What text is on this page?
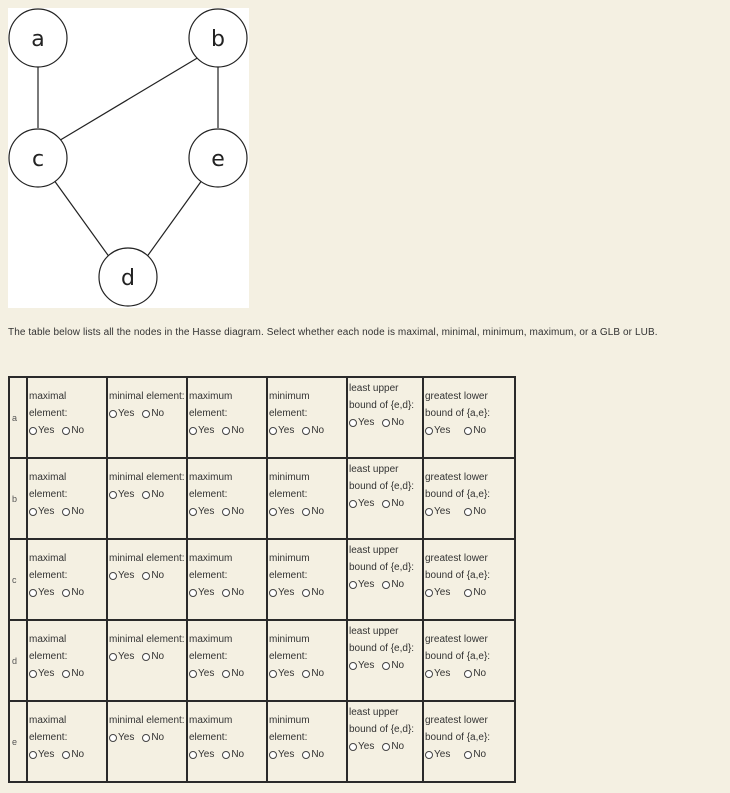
a	b
c	e
d
The table below lists all the nodes in the Hasse diagram. Select whether each node is maximal, minimal, minimum, maximum, or a GLB or LUB.
a	maximal element:
Yes No	minimal element:
Yes No	maximum element:
Yes No	minimum element:
Yes No	least upper bound of {e,d}:
Yes No	greatest lower bound of {a,e}:
Yes No

b	maximal element:
Yes No	minimal element:
Yes No	maximum element:
Yes No	minimum element:
Yes No	least upper bound of {e,d}:
Yes No	greatest lower bound of {a,e}:
Yes No

c	maximal element:
Yes No	minimal element:
Yes No	maximum element:
Yes No	minimum element:
Yes No	least upper bound of {e,d}:
Yes No	greatest lower bound of {a,e}:
Yes No

d	maximal element:
Yes No	minimal element:
Yes No	maximum element:
Yes No	minimum element:
Yes No	least upper bound of {e,d}:
Yes No	greatest lower bound of {a,e}:
Yes No

e	maximal element:
Yes No	minimal element:
Yes No	maximum element:
Yes No	minimum element:
Yes No	least upper bound of {e,d}:
Yes No	greatest lower bound of {a,e}:
Yes No
